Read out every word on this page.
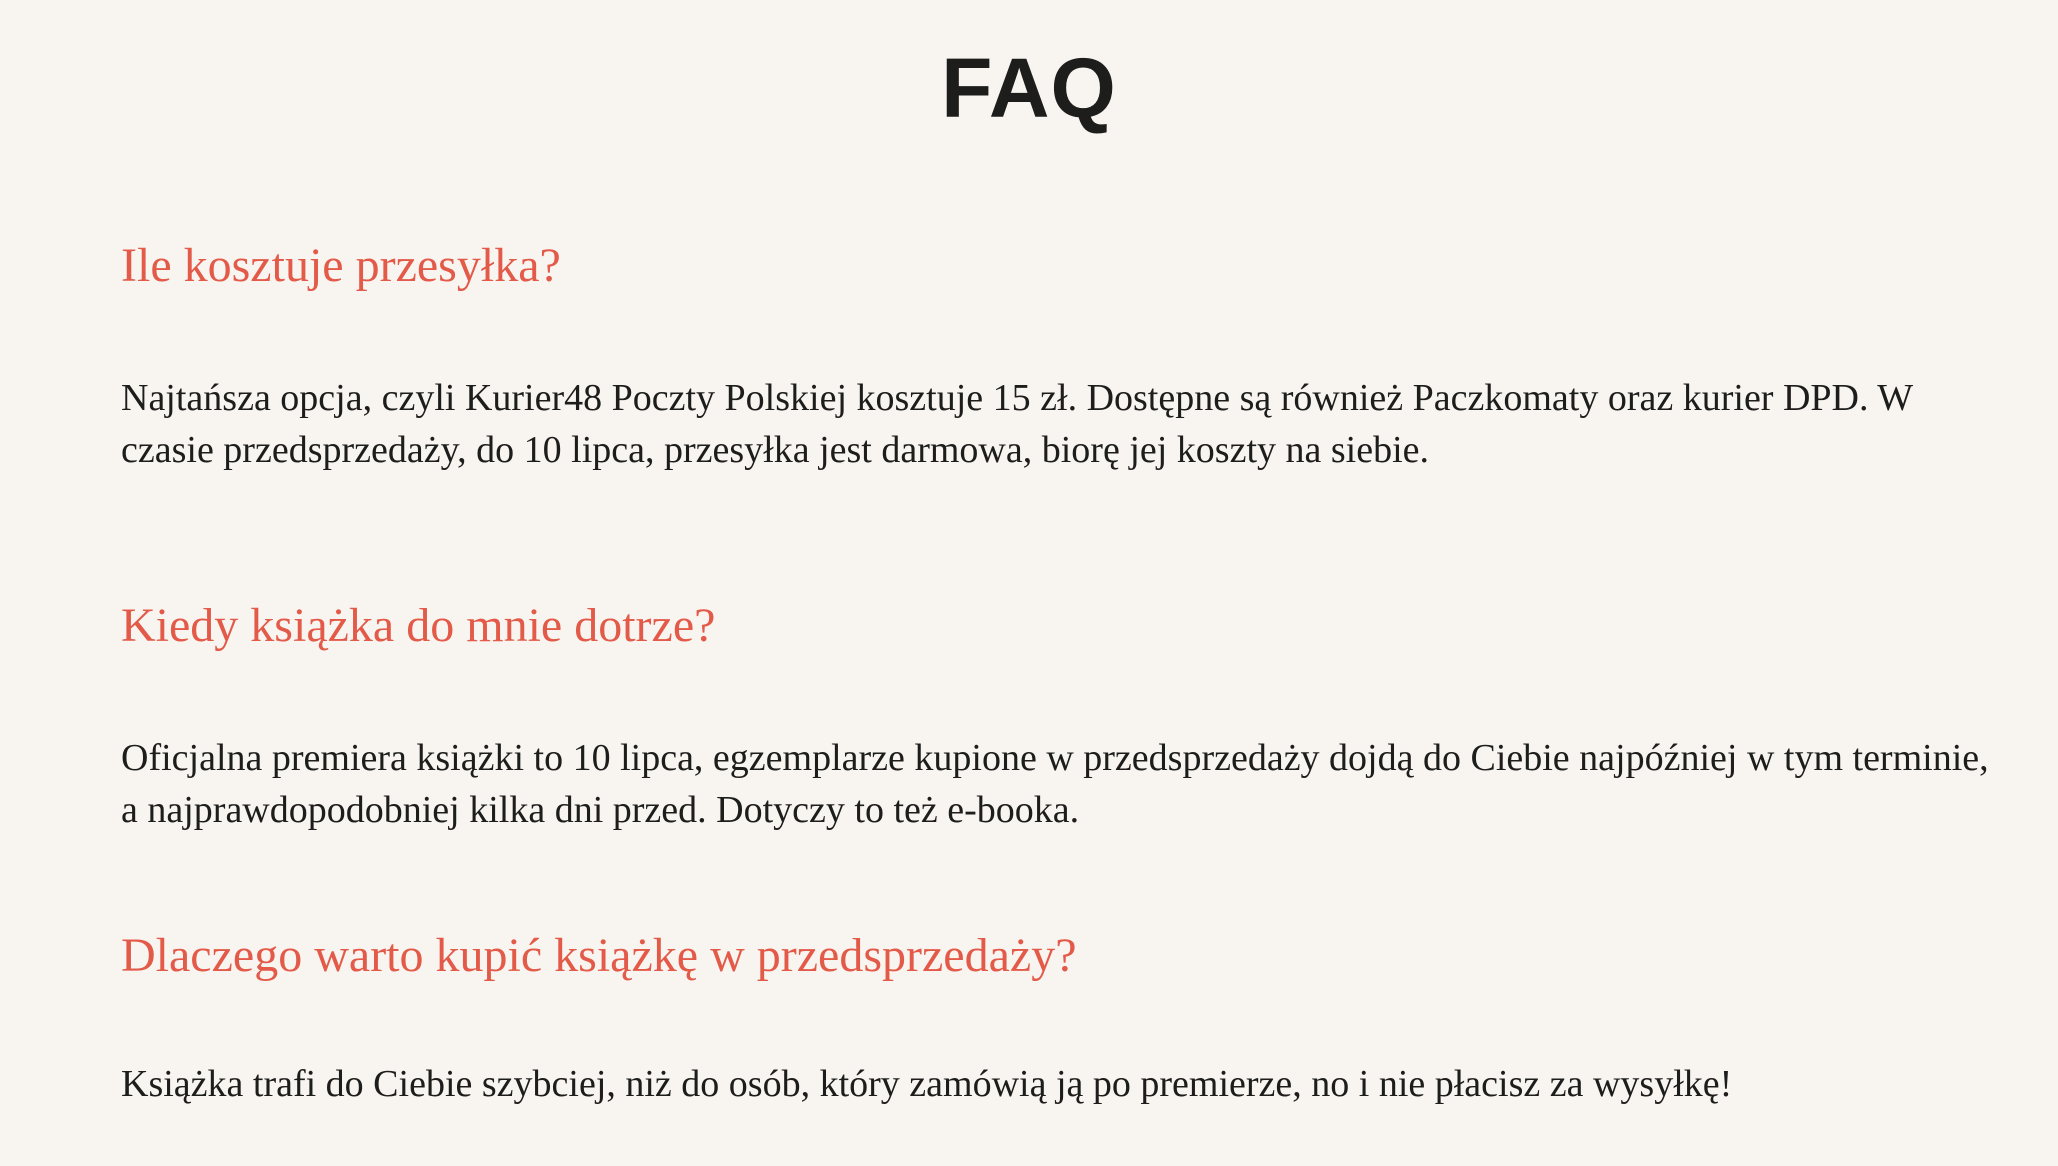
FAQ
Ile kosztuje przesyłka?

Najtańsza opcja, czyli Kurier48 Poczty Polskiej kosztuje 15 zł. Dostępne są również Paczkomaty oraz kurier DPD. W czasie przedsprzedaży, do 10 lipca, przesyłka jest darmowa, biorę jej koszty na siebie.

Kiedy książka do mnie dotrze?

Oficjalna premiera książki to 10 lipca, egzemplarze kupione w przedsprzedaży dojdą do Ciebie najpóźniej w tym terminie, a najprawdopodobniej kilka dni przed. Dotyczy to też e-booka.

Dlaczego warto kupić książkę w przedsprzedaży?

Książka trafi do Ciebie szybciej, niż do osób, który zamówią ją po premierze, no i nie płacisz za wysyłkę!
